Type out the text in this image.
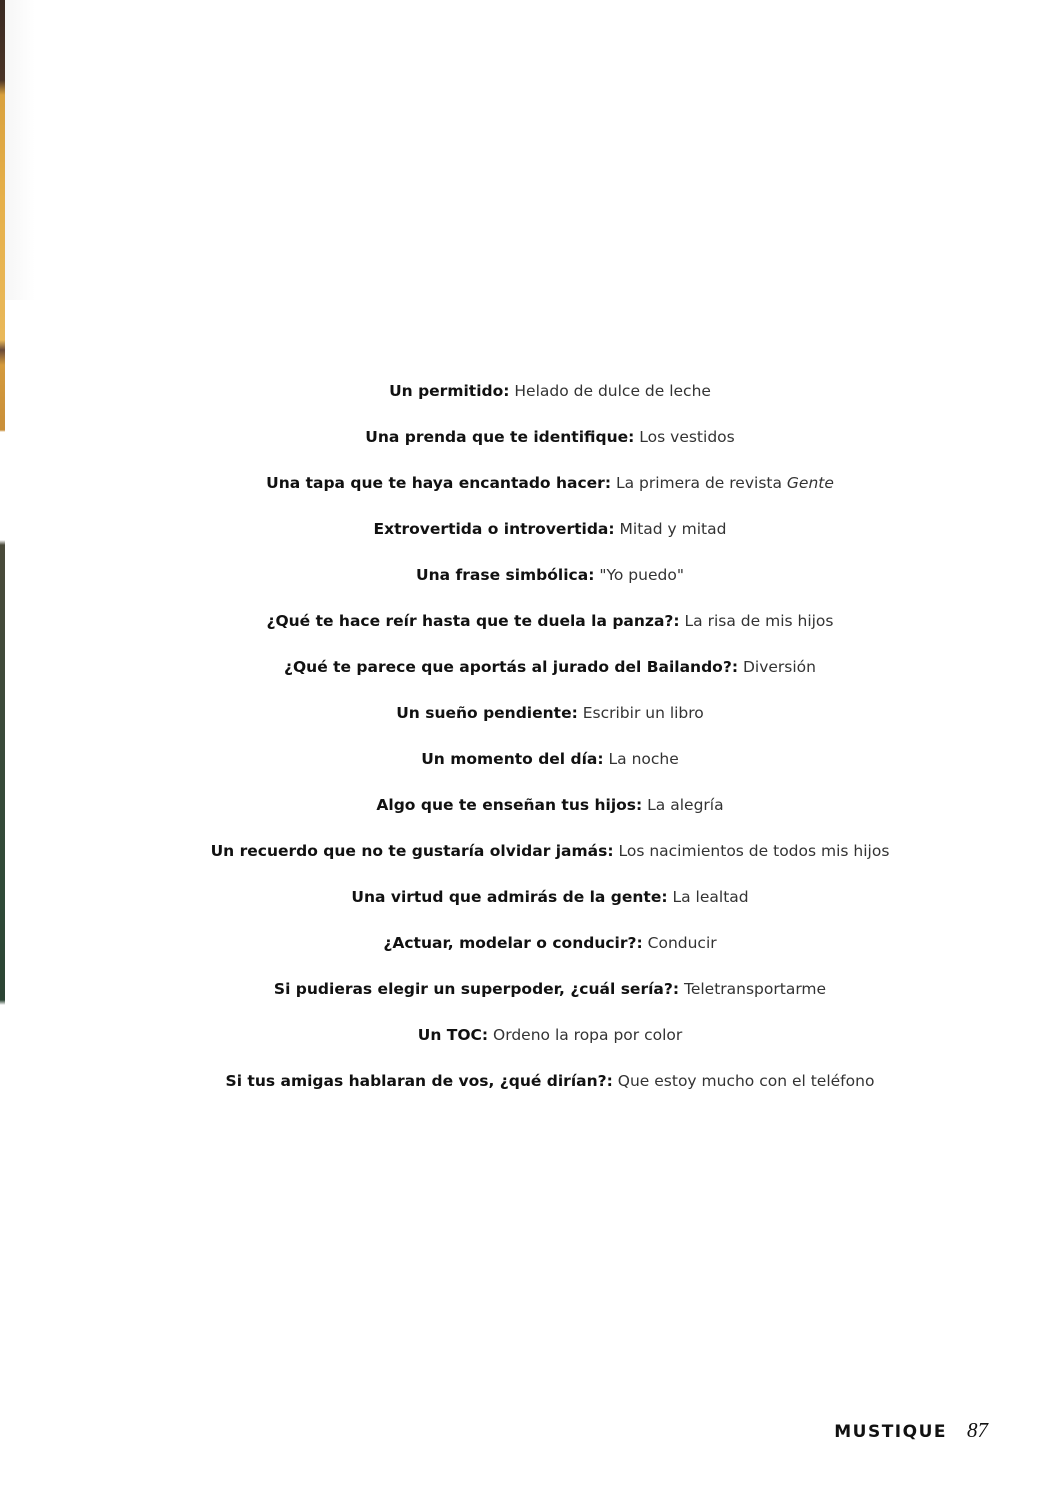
Un permitido: Helado de dulce de leche
Una prenda que te identifique: Los vestidos
Una tapa que te haya encantado hacer: La primera de revista Gente
Extrovertida o introvertida: Mitad y mitad
Una frase simbólica: "Yo puedo"
¿Qué te hace reír hasta que te duela la panza?: La risa de mis hijos
¿Qué te parece que aportás al jurado del Bailando?: Diversión
Un sueño pendiente: Escribir un libro
Un momento del día: La noche
Algo que te enseñan tus hijos: La alegría
Un recuerdo que no te gustaría olvidar jamás: Los nacimientos de todos mis hijos
Una virtud que admirás de la gente: La lealtad
¿Actuar, modelar o conducir?: Conducir
Si pudieras elegir un superpoder, ¿cuál sería?: Teletransportarme
Un TOC: Ordeno la ropa por color
Si tus amigas hablaran de vos, ¿qué dirían?: Que estoy mucho con el teléfono
MUSTIQUE 87
